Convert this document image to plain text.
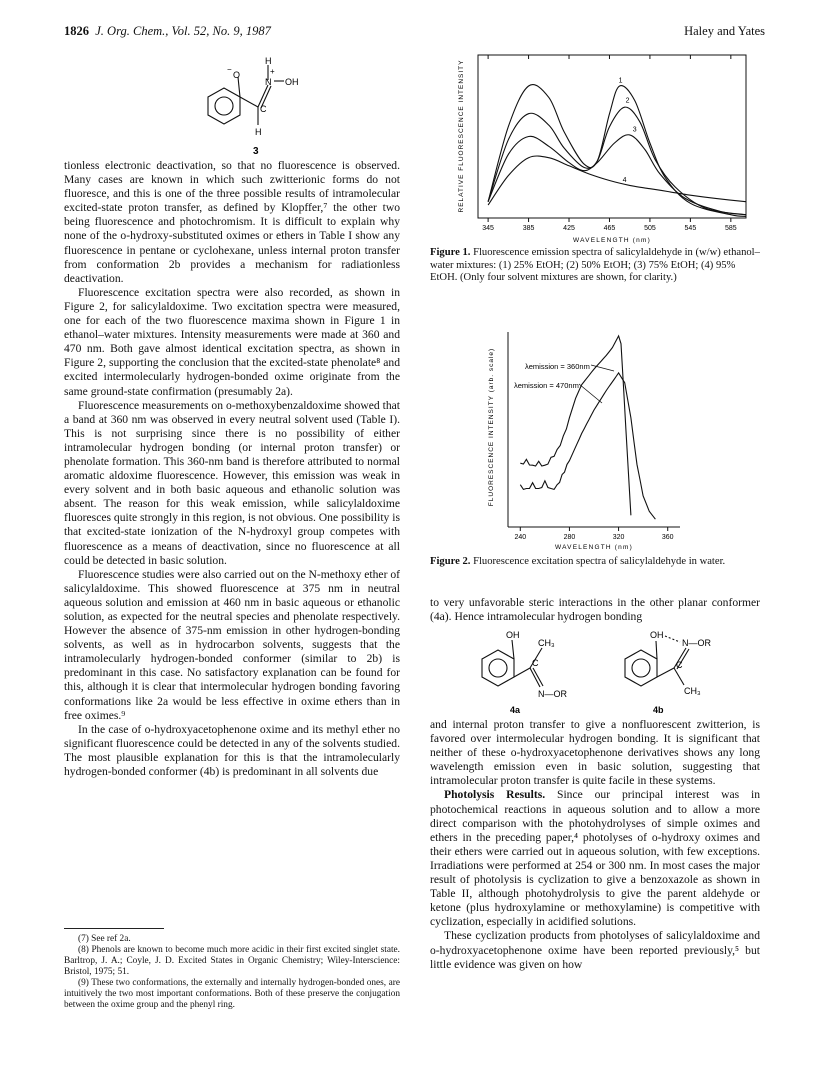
1826 J. Org. Chem., Vol. 52, No. 9, 1987	Haley and Yates
O
−
H
+
N OH
C
H
3

tionless electronic deactivation, so that no fluorescence is observed. Many cases are known in which such zwitterionic forms do not fluoresce, and this is one of the three possible results of intramolecular excited-state proton transfer, as defined by Klopffer,⁷ the other two being fluorescence and photochromism. It is difficult to explain why none of the o-hydroxy-substituted oximes or ethers in Table I show any fluorescence in pentane or cyclohexane, unless internal proton transfer from conformation 2b provides a mechanism for radiationless deactivation.

Fluorescence excitation spectra were also recorded, as shown in Figure 2, for salicylaldoxime. Two excitation spectra were measured, one for each of the two fluorescence maxima shown in Figure 1 in ethanol–water mixtures. Intensity measurements were made at 360 and 470 nm. Both gave almost identical excitation spectra, as shown in Figure 2, supporting the conclusion that the excited-state phenolate⁸ and excited intermolecularly hydrogen-bonded oxime originate from the same ground-state confirmation (presumably 2a).

Fluorescence measurements on o-methoxybenzaldoxime showed that a band at 360 nm was observed in every neutral solvent used (Table I). This is not surprising since there is no possibility of either intramolecular hydrogen bonding (or internal proton transfer) or phenolate formation. This 360-nm band is therefore attributed to normal aromatic aldoxime fluorescence. However, this emission was weak in every solvent and in both basic aqueous and ethanolic solution was absent. The reason for this weak emission, while salicylaldoxime fluoresces quite strongly in this region, is not obvious. One possibility is that excited-state ionization of the N-hydroxyl group competes with fluorescence as a means of deactivation, since no fluorescence at all could be detected in basic solution.

Fluorescence studies were also carried out on the N-methoxy ether of salicylaldoxime. This showed fluorescence at 375 nm in neutral aqueous solution and emission at 460 nm in basic aqueous or ethanolic solution, as expected for the neutral species and phenolate respectively. However the absence of 375-nm emission in other hydrogen-bonding solvents, as well as in hydrocarbon solvents, suggests that the intramolecularly hydrogen-bonded conformer (similar to 2b) is predominant in this case. No satisfactory explanation can be found for this, although it is clear that intermolecular hydrogen bonding favoring conformations like 2a would be less effective in oxime ethers than in free oximes.⁹

In the case of o-hydroxyacetophenone oxime and its methyl ether no significant fluorescence could be detected in any of the solvents studied. The most plausible explanation for this is that the intramolecularly hydrogen-bonded conformer (4b) is predominant in all solvents due

(7) See ref 2a.

(8) Phenols are known to become much more acidic in their first excited singlet state. Barltrop, J. A.; Coyle, J. D. Excited States in Organic Chemistry; Wiley-Interscience: Bristol, 1975; 51.

(9) These two conformations, the externally and internally hydrogen-bonded ones, are intuitively the two most important conformations. Both of these preserve the conjugation between the oxime group and the phenyl ring.

345	385	425	465	505	545	585
1
2
3
4
RELATIVE FLUORESCENCE INTENSITY
WAVELENGTH (nm)
Figure 1. Fluorescence emission spectra of salicylaldehyde in (w/w) ethanol–water mixtures: (1) 25% EtOH; (2) 50% EtOH; (3) 75% EtOH; (4) 95% EtOH. (Only four solvent mixtures are shown, for clarity.)
240	280	320	360
FLUORESCENCE INTENSITY (arb. scale)
WAVELENGTH (nm)
λemission = 360nm
λemission = 470nm
Figure 2. Fluorescence excitation spectra of salicylaldehyde in water.

to very unfavorable steric interactions in the other planar conformer (4a). Hence intramolecular hydrogen bonding

OH
CH₃
C
N—OR
4a
OH
N—OR
C
CH₃
4b

and internal proton transfer to give a nonfluorescent zwitterion, is favored over intermolecular hydrogen bonding. It is significant that neither of these o-hydroxyacetophenone derivatives shows any long wavelength emission even in basic solution, suggesting that intramolecular proton transfer is quite facile in these systems.

Photolysis Results. Since our principal interest was in photochemical reactions in aqueous solution and to allow a more direct comparison with the photohydrolyses of simple oximes and ethers in the preceding paper,⁴ photolyses of o-hydroxy oximes and their ethers were carried out in aqueous solution, with few exceptions. Irradiations were performed at 254 or 300 nm. In most cases the major result of photolysis is cyclization to give a benzoxazole as shown in Table II, although photohydrolysis to give the parent aldehyde or ketone (plus hydroxylamine or methoxylamine) is competitive with cyclization, especially in acidified solutions.

These cyclization products from photolyses of salicylaldoxime and o-hydroxyacetophenone oxime have been reported previously,⁵ but little evidence was given on how
